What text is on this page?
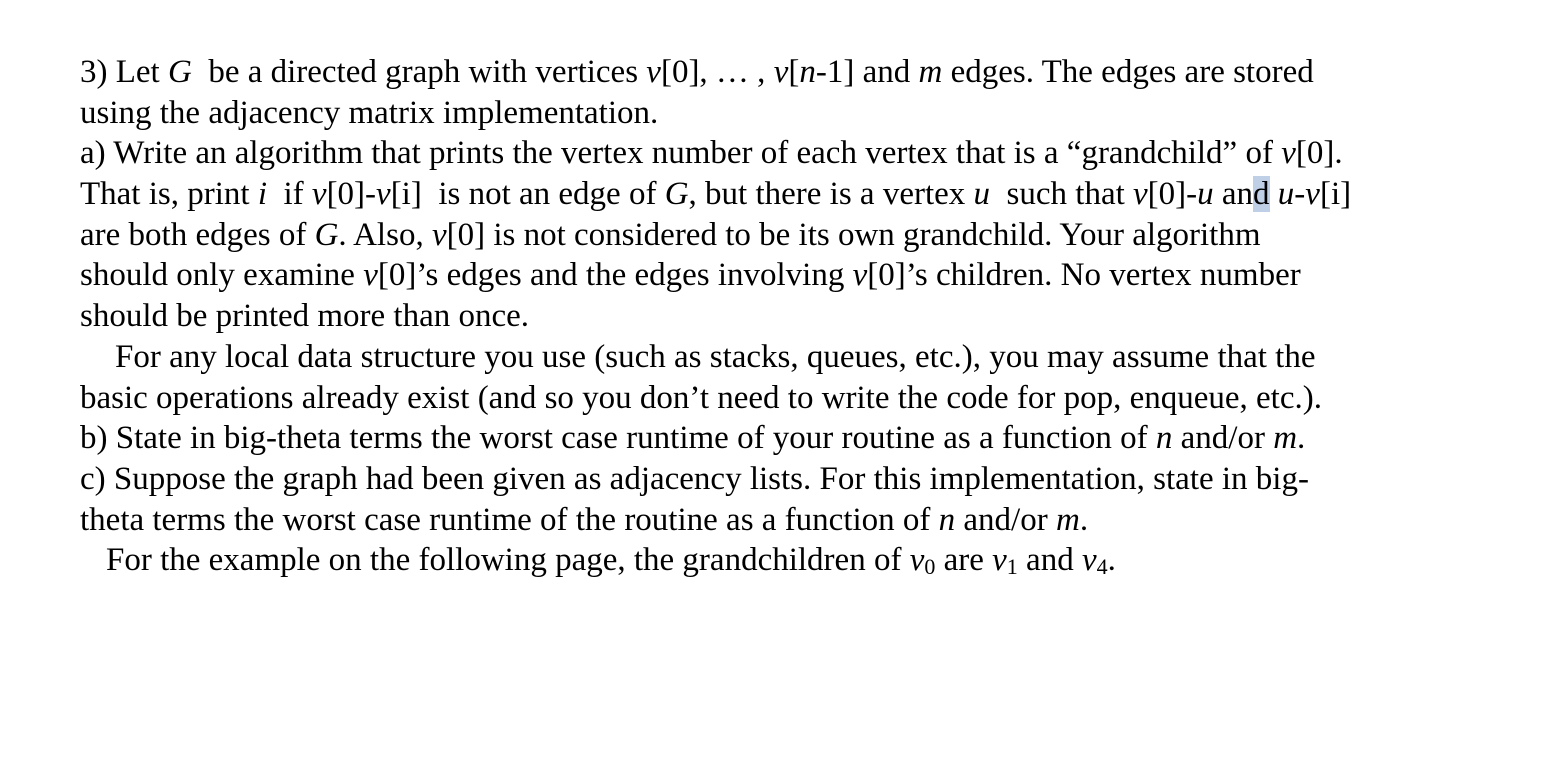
3) Let G  be a directed graph with vertices v[0], … , v[n-1] and m edges. The edges are stored
using the adjacency matrix implementation.
a) Write an algorithm that prints the vertex number of each vertex that is a “grandchild” of v[0].
That is, print i  if v[0]-v[i]  is not an edge of G, but there is a vertex u  such that v[0]-u and u-v[i]
are both edges of G. Also, v[0] is not considered to be its own grandchild. Your algorithm
should only examine v[0]’s edges and the edges involving v[0]’s children. No vertex number
should be printed more than once.
For any local data structure you use (such as stacks, queues, etc.), you may assume that the
basic operations already exist (and so you don’t need to write the code for pop, enqueue, etc.).
b) State in big-theta terms the worst case runtime of your routine as a function of n and/or m.
c) Suppose the graph had been given as adjacency lists. For this implementation, state in big-
theta terms the worst case runtime of the routine as a function of n and/or m.
For the example on the following page, the grandchildren of $v_0$ are $v_1$ and $v_4$.
